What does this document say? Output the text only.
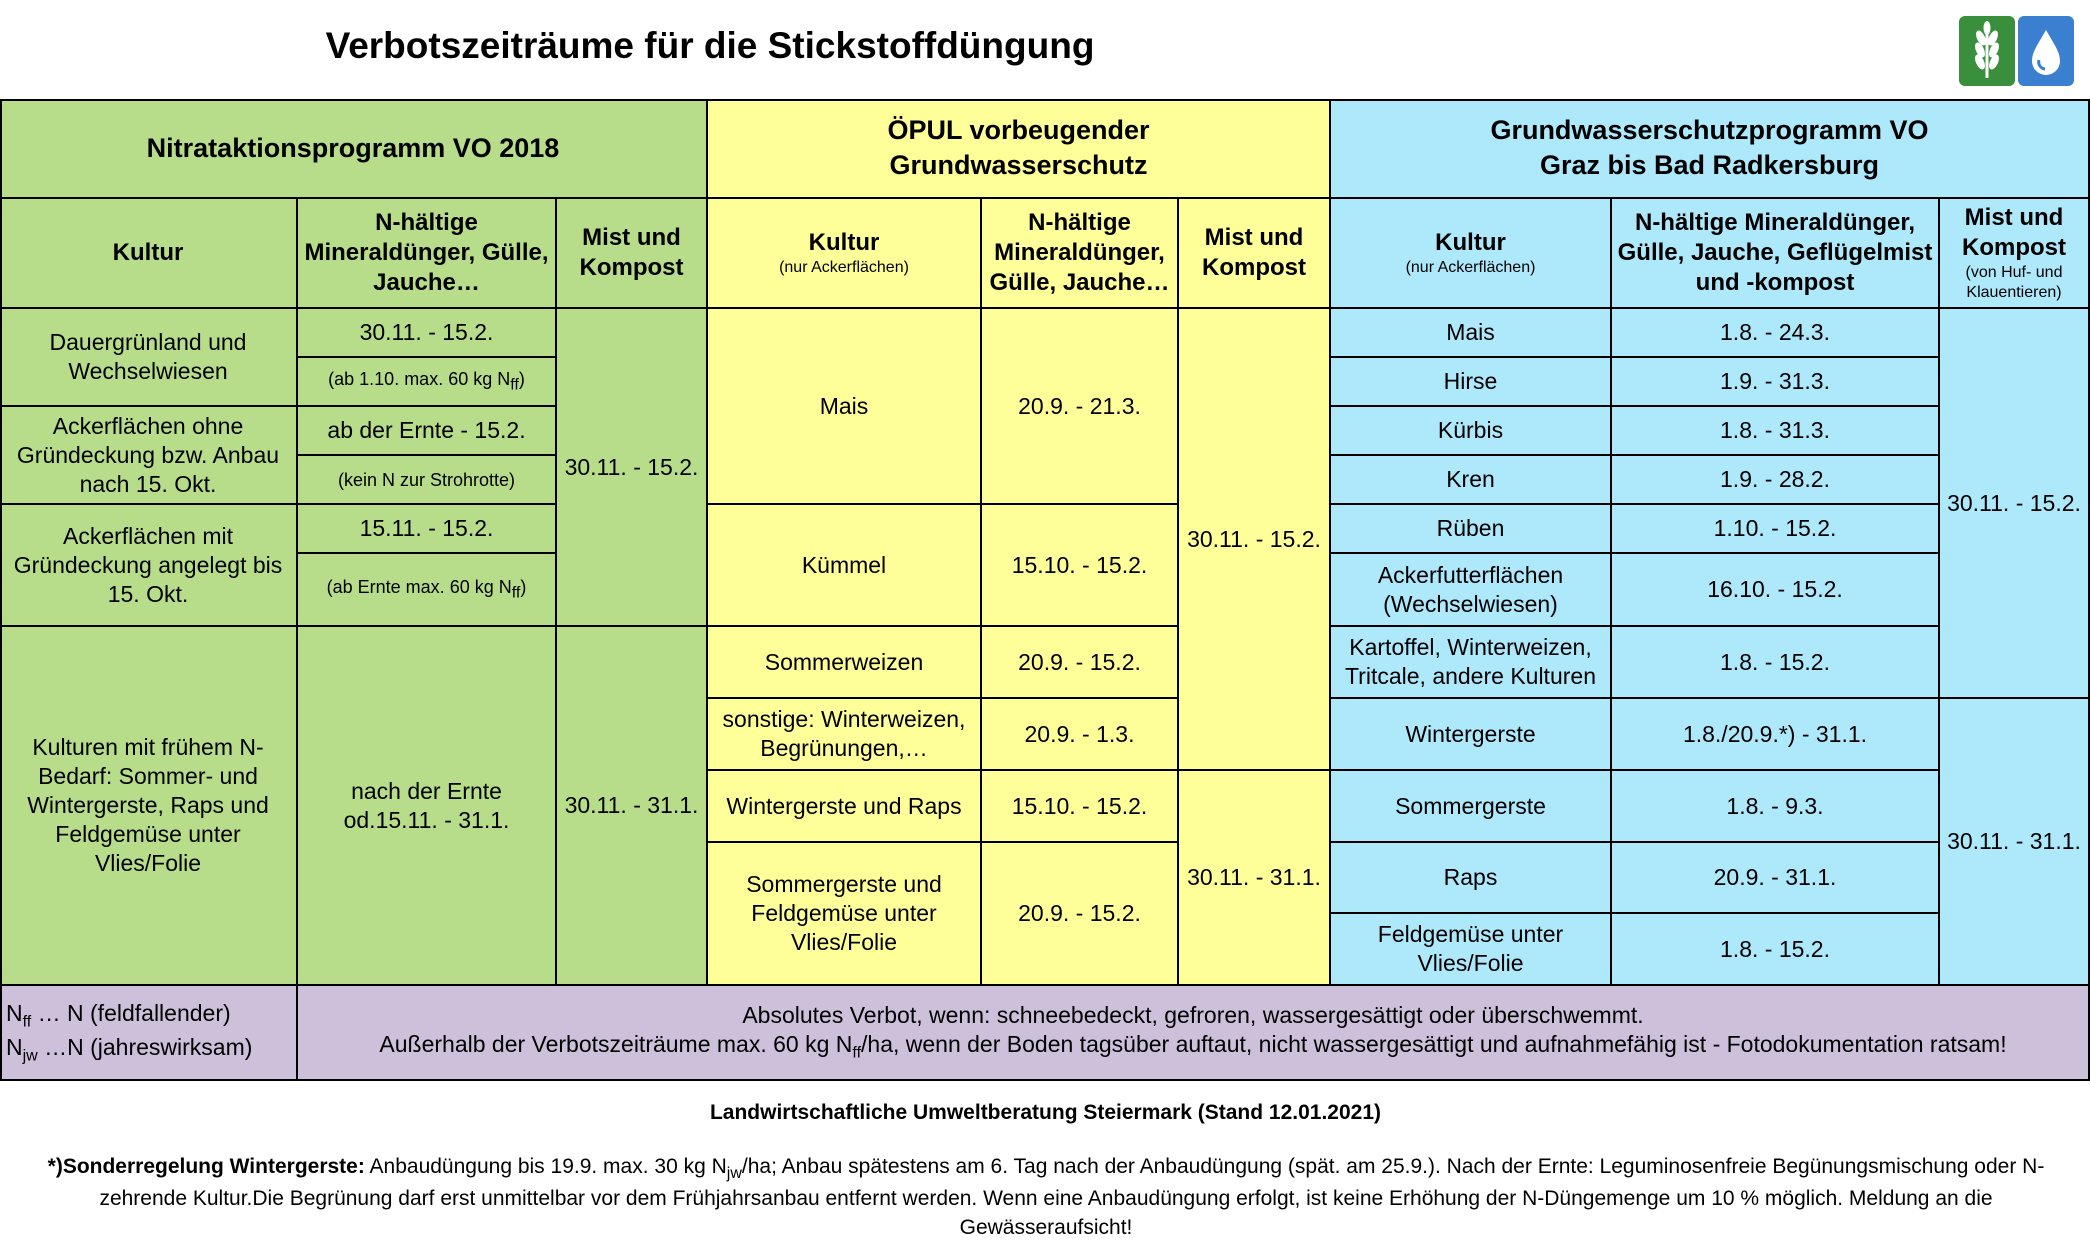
Verbotszeiträume für die Stickstoffdüngung
Nitrataktionsprogramm VO 2018
ÖPUL vorbeugender
Grundwasserschutz
Grundwasserschutzprogramm VO
Graz bis Bad Radkersburg
Kultur
N-hältige Mineraldünger, Gülle, Jauche…
Mist und Kompost
Kultur
(nur Ackerflächen)
N-hältige Mineraldünger, Gülle, Jauche…
Mist und Kompost
Kultur
(nur Ackerflächen)
N-hältige Mineraldünger, Gülle, Jauche, Geflügelmist und -kompost
Mist und Kompost
(von Huf- und Klauentieren)
Dauergrünland und Wechselwiesen
Ackerflächen ohne Gründeckung bzw. Anbau nach 15. Okt.
Ackerflächen mit Gründeckung angelegt bis 15. Okt.
Kulturen mit frühem N-Bedarf: Sommer- und Wintergerste, Raps und Feldgemüse unter Vlies/Folie
30.11. - 15.2.
(ab 1.10. max. 60 kg $N_{ff}$)
ab der Ernte - 15.2.
(kein N zur Strohrotte)
15.11. - 15.2.
(ab Ernte max. 60 kg $N_{ff}$)
nach der Ernte od.15.11. - 31.1.
30.11. - 15.2.
30.11. - 31.1.
Mais
Kümmel
Sommerweizen
sonstige: Winterweizen, Begrünungen,…
Wintergerste und Raps
Sommergerste und Feldgemüse unter Vlies/Folie
20.9. - 21.3.
15.10. - 15.2.
20.9. - 15.2.
20.9. - 1.3.
15.10. - 15.2.
20.9. - 15.2.
30.11. - 15.2.
30.11. - 31.1.
Mais
Hirse
Kürbis
Kren
Rüben
Ackerfutterflächen (Wechselwiesen)
Kartoffel, Winterweizen, Tritcale, andere Kulturen
Wintergerste
Sommergerste
Raps
Feldgemüse unter Vlies/Folie
1.8. - 24.3.
1.9. - 31.3.
1.8. - 31.3.
1.9. - 28.2.
1.10. - 15.2.
16.10. - 15.2.
1.8. - 15.2.
1.8./20.9.*) - 31.1.
1.8. - 9.3.
20.9. - 31.1.
1.8. - 15.2.
30.11. - 15.2.
30.11. - 31.1.
$N_{ff}$ … N (feldfallender)
$N_{jw}$ …N (jahreswirksam)
Absolutes Verbot, wenn: schneebedeckt, gefroren, wassergesättigt oder überschwemmt.
Außerhalb der Verbotszeiträume max. 60 kg $N_{ff}/ha$, wenn der Boden tagsüber auftaut, nicht wassergesättigt und aufnahmefähig ist - Fotodokumentation ratsam!
Landwirtschaftliche Umweltberatung Steiermark (Stand 12.01.2021)
*)Sonderregelung Wintergerste: Anbaudüngung bis 19.9. max. 30 kg $N_{jw}/ha$; Anbau spätestens am 6. Tag nach der Anbaudüngung (spät. am 25.9.). Nach der Ernte: Leguminosenfreie Begünungsmischung oder N-zehrende Kultur.Die Begrünung darf erst unmittelbar vor dem Frühjahrsanbau entfernt werden. Wenn eine Anbaudüngung erfolgt, ist keine Erhöhung der N-Düngemenge um 10 % möglich. Meldung an die Gewässeraufsicht!
